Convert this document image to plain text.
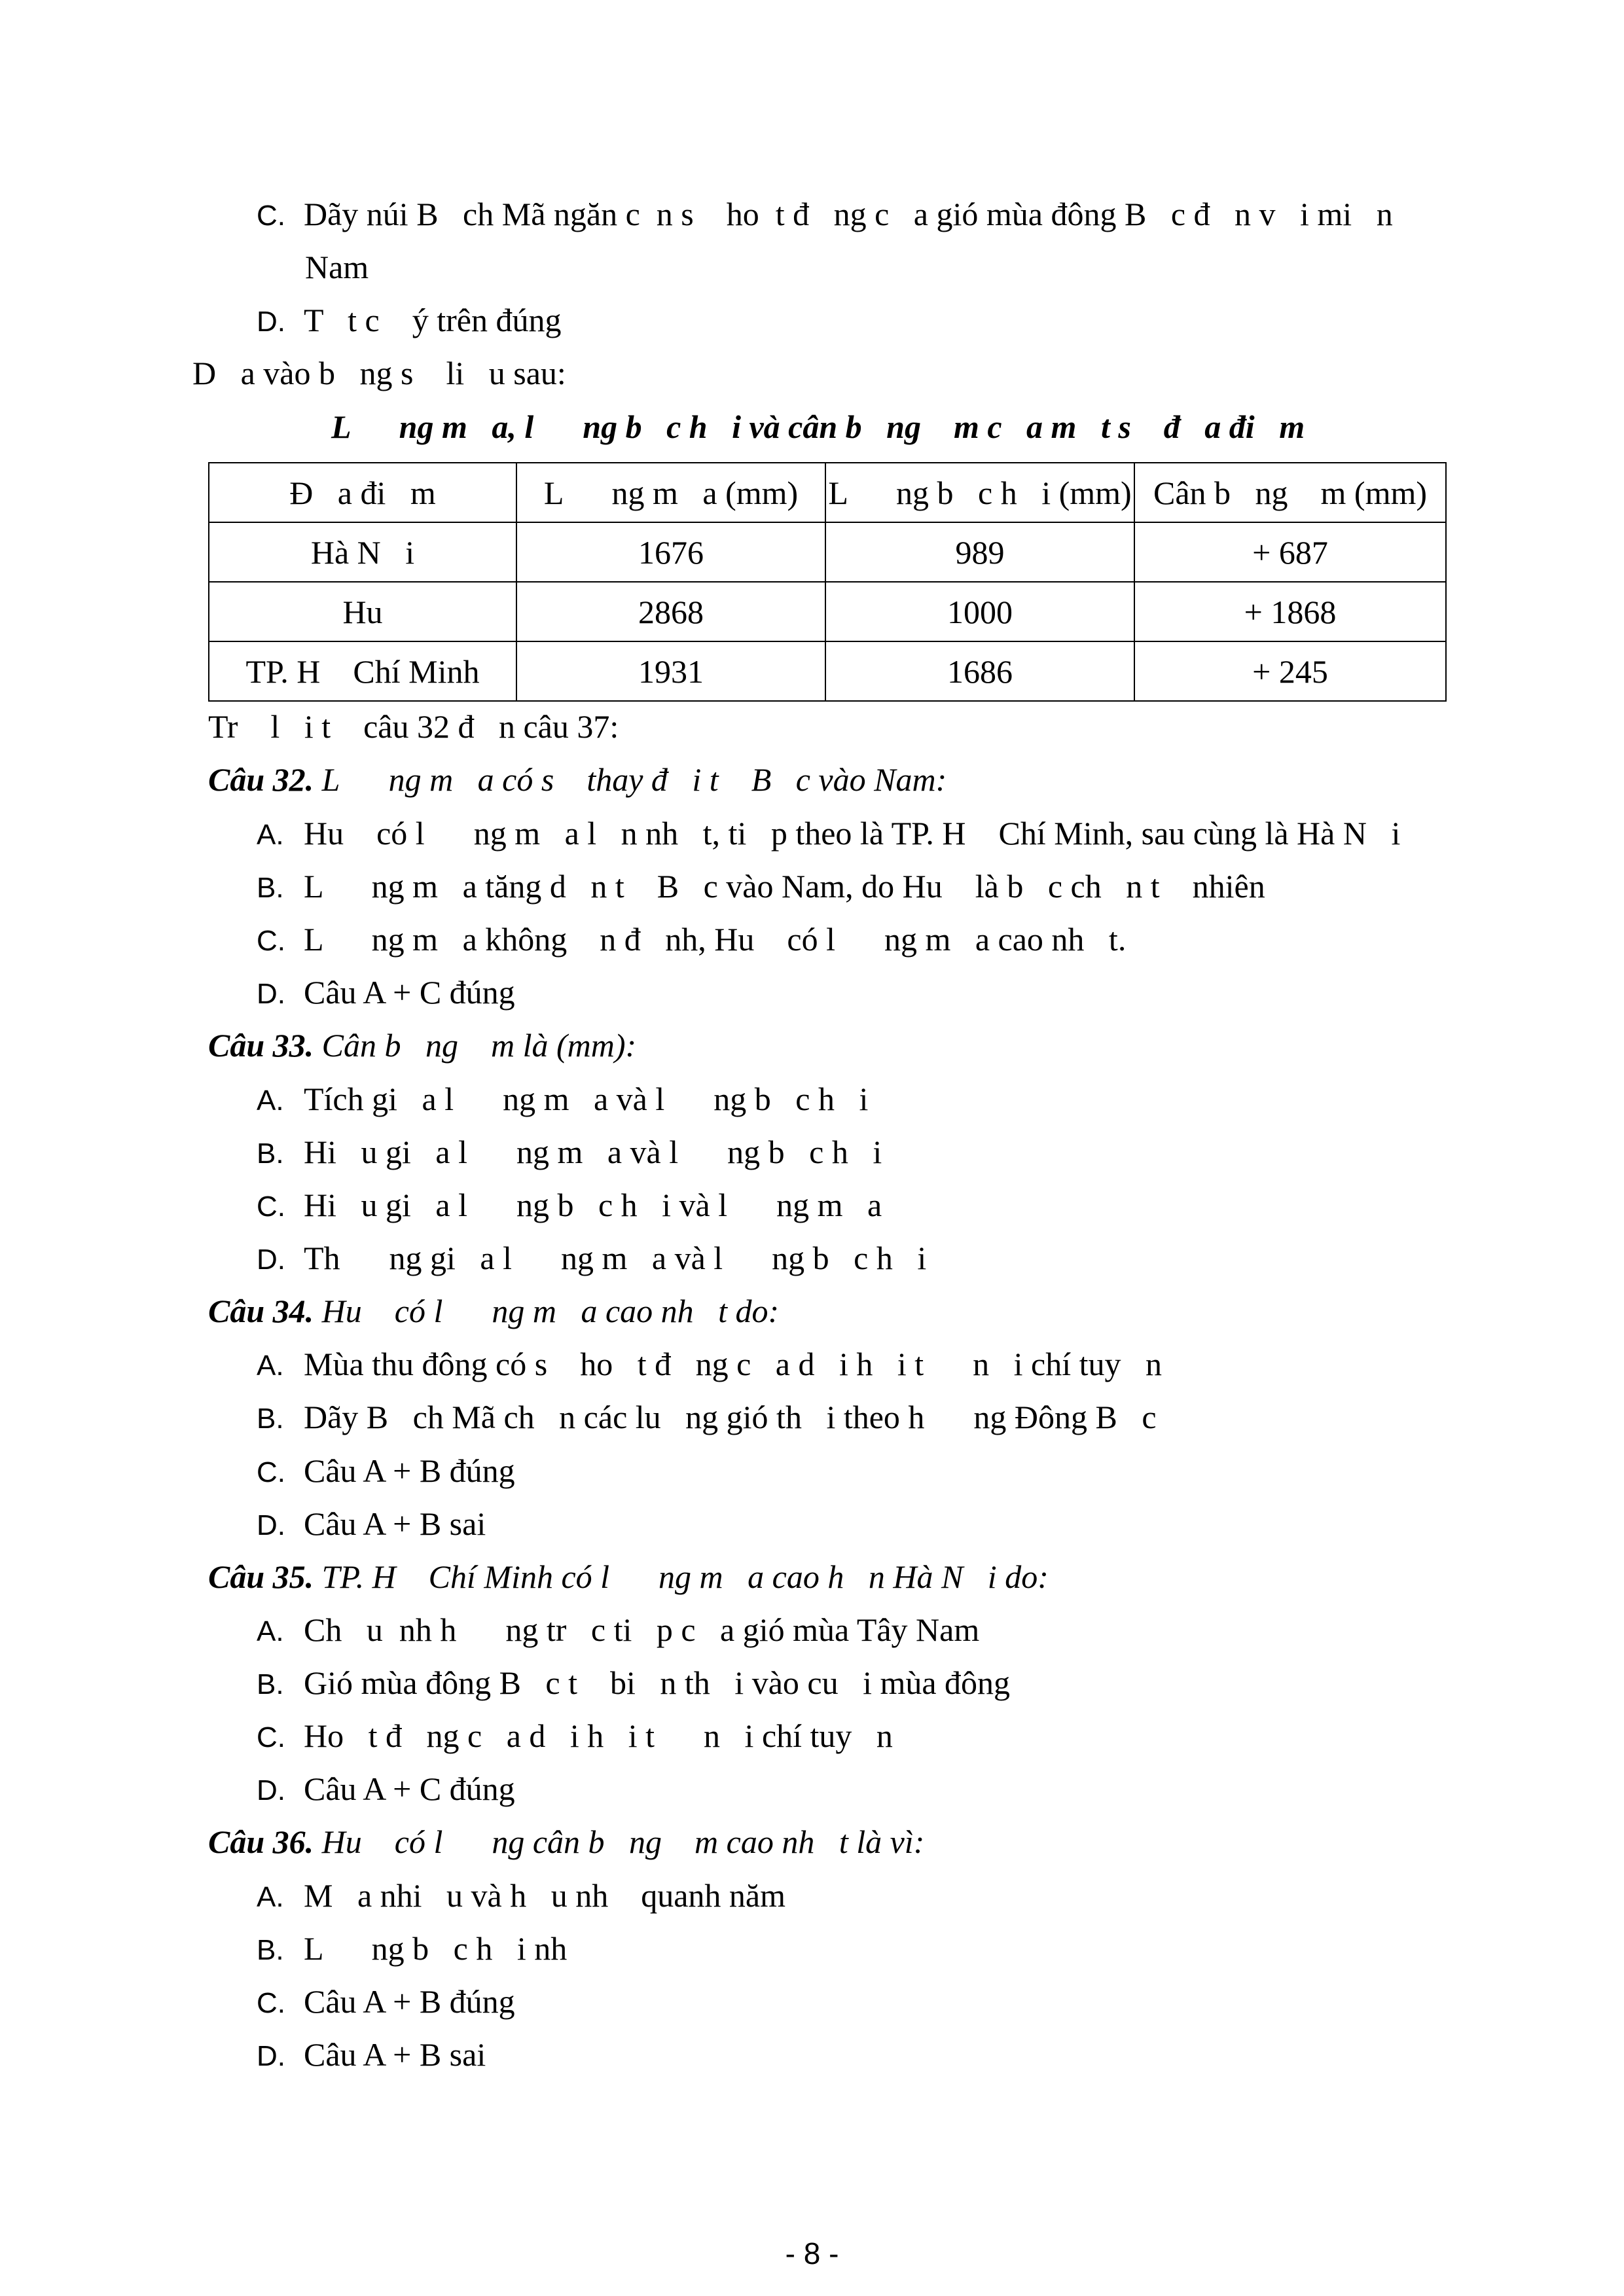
C. Dãy núi B   ch Mã ngăn c  n s    ho  t đ   ng c   a gió mùa đông B   c đ   n v   i mi   n
Nam
D. T   t c    ý trên đúng
D   a vào b   ng s    li   u sau:
L      ng m   a, l      ng b   c h   i và cân b   ng    m c   a m   t s    đ   a đi   m
Đ   a đi   m	L      ng m   a (mm)	L      ng b   c h   i (mm)	Cân b   ng    m (mm)
Hà N   i	1676	989	+ 687
Hu	2868	1000	+ 1868
TP. H    Chí Minh	1931	1686	+ 245
Tr    l   i t    câu 32 đ   n câu 37:
Câu 32. L      ng m   a có s    thay đ   i t    B   c vào Nam:
A. Hu    có l      ng m   a l   n nh   t, ti   p theo là TP. H    Chí Minh, sau cùng là Hà N   i
B. L      ng m   a tăng d   n t    B   c vào Nam, do Hu    là b   c ch   n t    nhiên
C. L      ng m   a không    n đ   nh, Hu    có l      ng m   a cao nh   t.
D. Câu A + C đúng
Câu 33. Cân b   ng    m là (mm):
A. Tích gi   a l      ng m   a và l      ng b   c h   i
B. Hi   u gi   a l      ng m   a và l      ng b   c h   i
C. Hi   u gi   a l      ng b   c h   i và l      ng m   a
D. Th      ng gi   a l      ng m   a và l      ng b   c h   i
Câu 34. Hu    có l      ng m   a cao nh   t do:
A. Mùa thu đông có s    ho   t đ   ng c   a d   i h   i t      n   i chí tuy   n
B. Dãy B   ch Mã ch   n các lu   ng gió th   i theo h      ng Đông B   c
C. Câu A + B đúng
D. Câu A + B sai
Câu 35. TP. H    Chí Minh có l      ng m   a cao h   n Hà N   i do:
A. Ch   u  nh h      ng tr   c ti   p c   a gió mùa Tây Nam
B. Gió mùa đông B   c t    bi   n th   i vào cu   i mùa đông
C. Ho   t đ   ng c   a d   i h   i t      n   i chí tuy   n
D. Câu A + C đúng
Câu 36. Hu    có l      ng cân b   ng    m cao nh   t là vì:
A. M   a nhi   u và h   u nh    quanh năm
B. L      ng b   c h   i nh
C. Câu A + B đúng
D. Câu A + B sai
- 8 -
